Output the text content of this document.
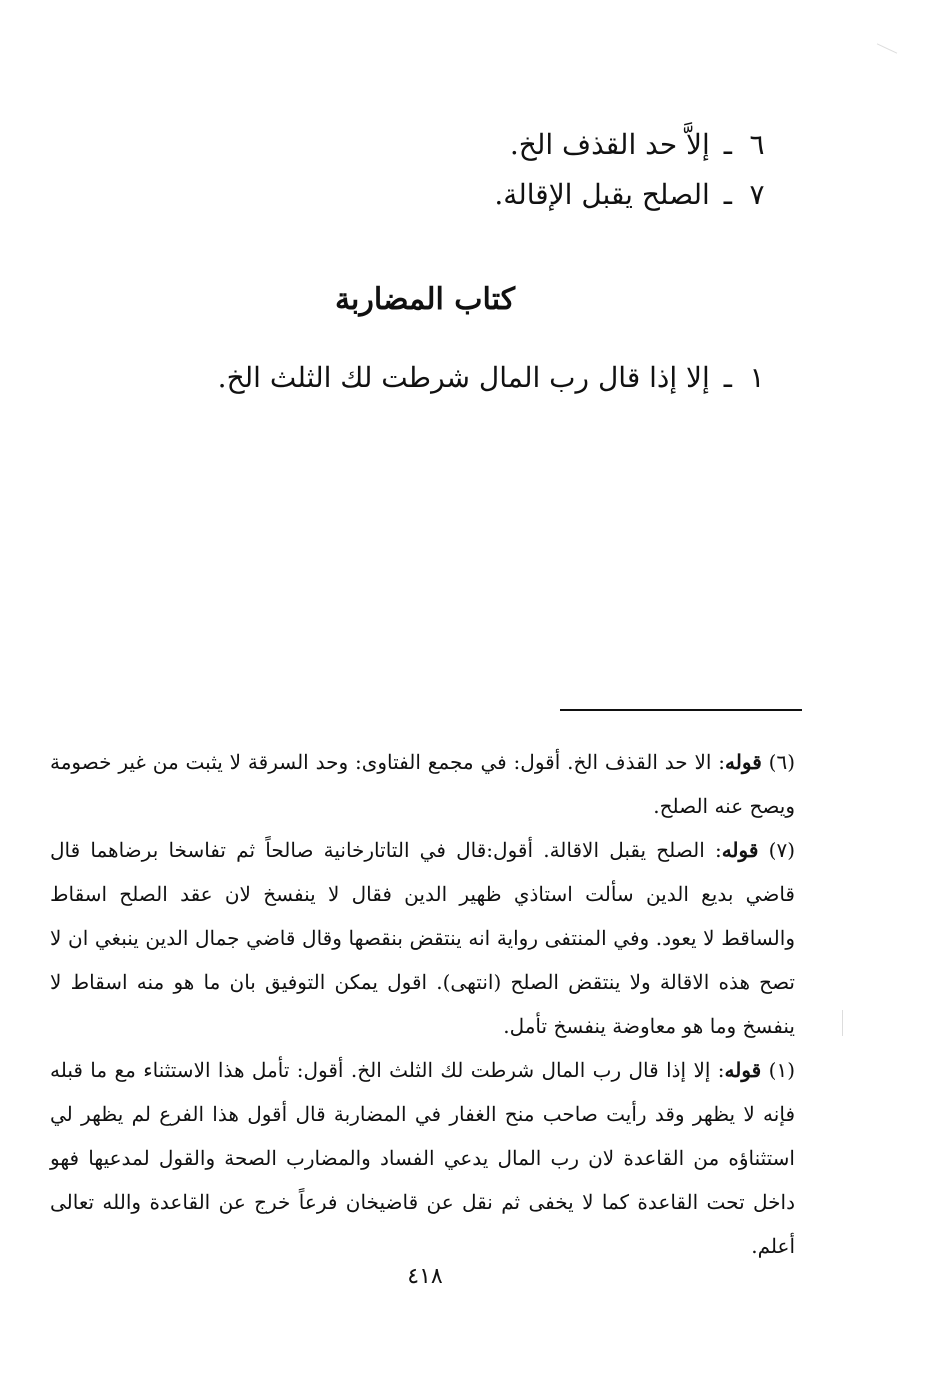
٦ـإلاَّ حد القذف الخ.
٧ـالصلح يقبل الإقالة.
كتاب المضاربة
١ـإلا إذا قال رب المال شرطت لك الثلث الخ.

(٦) قوله: الا حد القذف الخ. أقول: في مجمع الفتاوى: وحد السرقة لا يثبت من غير خصومة ويصح عنه الصلح.

(٧) قوله: الصلح يقبل الاقالة. أقول:قال في التاتارخانية صالحاً ثم تفاسخا برضاهما قال قاضي بديع الدين سألت استاذي ظهير الدين فقال لا ينفسخ لان عقد الصلح اسقاط والساقط لا يعود. وفي المنتفى رواية انه ينتقض بنقصها وقال قاضي جمال الدين ينبغي ان لا تصح هذه الاقالة ولا ينتقض الصلح (انتهى). اقول يمكن التوفيق بان ما هو منه اسقاط لا ينفسخ وما هو معاوضة ينفسخ تأمل.

(١) قوله: إلا إذا قال رب المال شرطت لك الثلث الخ. أقول: تأمل هذا الاستثناء مع ما قبله فإنه لا يظهر وقد رأيت صاحب منح الغفار في المضاربة قال أقول هذا الفرع لم يظهر لي استثناؤه من القاعدة لان رب المال يدعي الفساد والمضارب الصحة والقول لمدعيها فهو داخل تحت القاعدة كما لا يخفى ثم نقل عن قاضيخان فرعاً خرج عن القاعدة والله تعالى أعلم.

٤١٨
